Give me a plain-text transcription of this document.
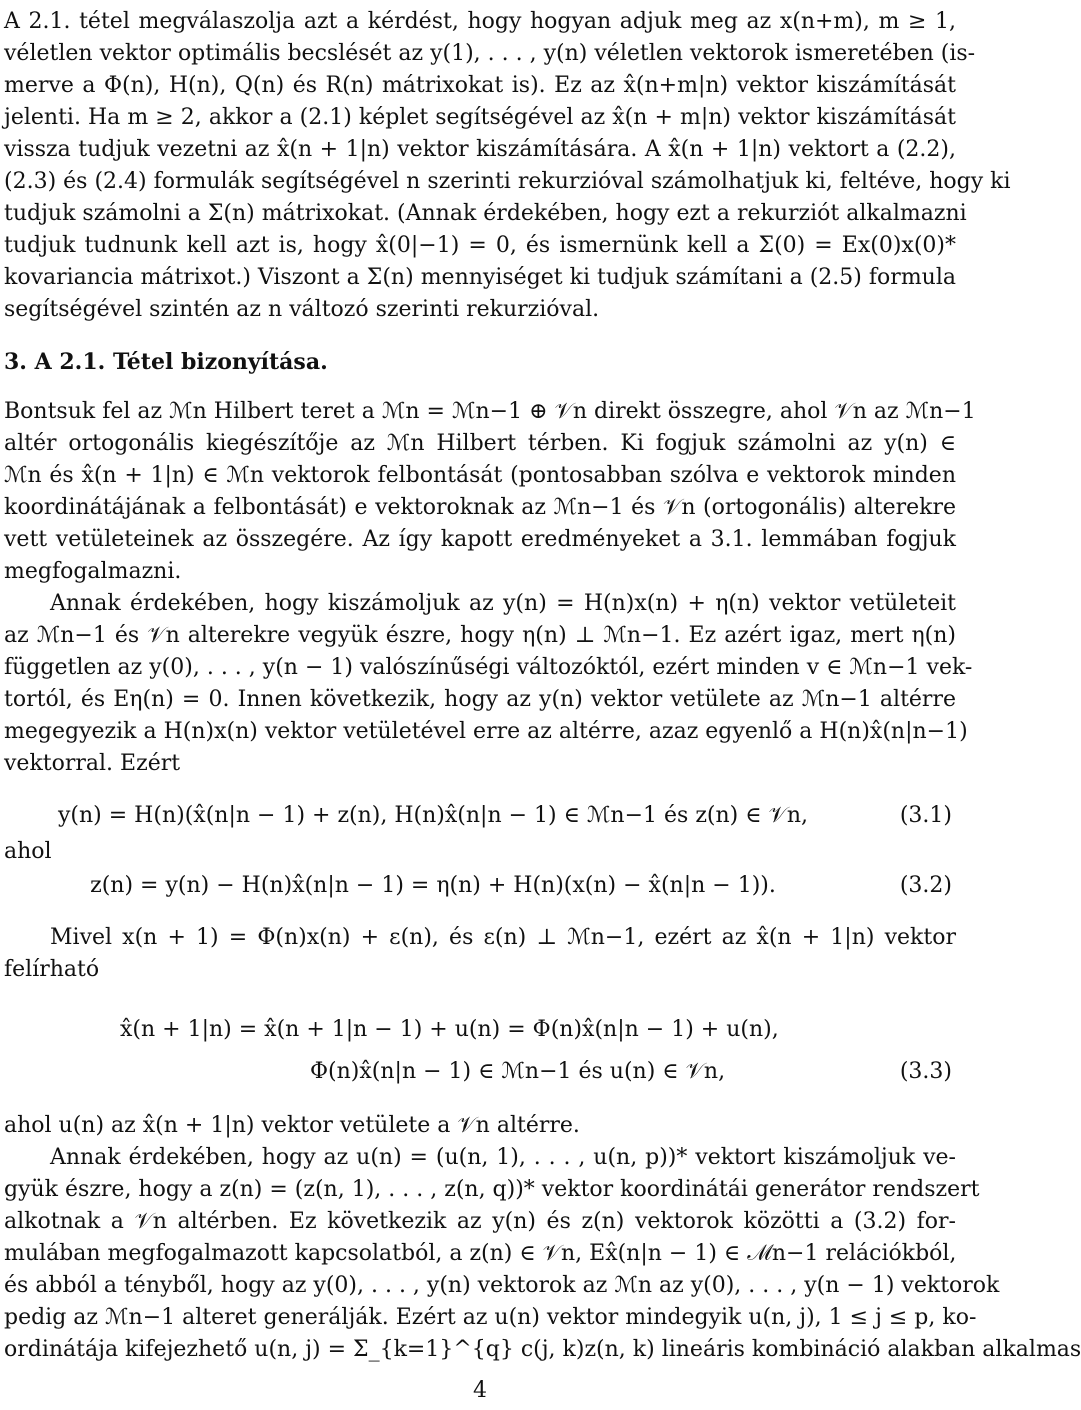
A 2.1. tétel megválaszolja azt a kérdést, hogy hogyan adjuk meg az x(n+m), m ≥ 1,
véletlen vektor optimális becslését az y(1), . . . , y(n) véletlen vektorok ismeretében (is-
merve a Φ(n), H(n), Q(n) és R(n) mátrixokat is). Ez az x̂(n+m|n) vektor kiszámítását
jelenti. Ha m ≥ 2, akkor a (2.1) képlet segítségével az x̂(n + m|n) vektor kiszámítását
vissza tudjuk vezetni az x̂(n + 1|n) vektor kiszámítására. A x̂(n + 1|n) vektort a (2.2),
(2.3) és (2.4) formulák segítségével n szerinti rekurzióval számolhatjuk ki, feltéve, hogy ki
tudjuk számolni a Σ(n) mátrixokat. (Annak érdekében, hogy ezt a rekurziót alkalmazni
tudjuk tudnunk kell azt is, hogy x̂(0|−1) = 0, és ismernünk kell a Σ(0) = Ex(0)x(0)*
kovariancia mátrixot.) Viszont a Σ(n) mennyiséget ki tudjuk számítani a (2.5) formula
segítségével szintén az n változó szerinti rekurzióval.
3. A 2.1. Tétel bizonyítása.
Bontsuk fel az ℳn Hilbert teret a ℳn = ℳn−1 ⊕ 𝒱n direkt összegre, ahol 𝒱n az ℳn−1
altér ortogonális kiegészítője az ℳn Hilbert térben. Ki fogjuk számolni az y(n) ∈
ℳn és x̂(n + 1|n) ∈ ℳn vektorok felbontását (pontosabban szólva e vektorok minden
koordinátájának a felbontását) e vektoroknak az ℳn−1 és 𝒱n (ortogonális) alterekre
vett vetületeinek az összegére. Az így kapott eredményeket a 3.1. lemmában fogjuk
megfogalmazni.
Annak érdekében, hogy kiszámoljuk az y(n) = H(n)x(n) + η(n) vektor vetületeit
az ℳn−1 és 𝒱n alterekre vegyük észre, hogy η(n) ⊥ ℳn−1. Ez azért igaz, mert η(n)
független az y(0), . . . , y(n − 1) valószínűségi változóktól, ezért minden v ∈ ℳn−1 vek-
tortól, és Eη(n) = 0. Innen következik, hogy az y(n) vektor vetülete az ℳn−1 altérre
megegyezik a H(n)x(n) vektor vetületével erre az altérre, azaz egyenlő a H(n)x̂(n|n−1)
vektorral. Ezért
y(n) = H(n)(x̂(n|n − 1) + z(n), H(n)x̂(n|n − 1) ∈ ℳn−1 és z(n) ∈ 𝒱n,	(3.1)
ahol
z(n) = y(n) − H(n)x̂(n|n − 1) = η(n) + H(n)(x(n) − x̂(n|n − 1)).	(3.2)
Mivel x(n + 1) = Φ(n)x(n) + ε(n), és ε(n) ⊥ ℳn−1, ezért az x̂(n + 1|n) vektor
felírható
x̂(n + 1|n) = x̂(n + 1|n − 1) + u(n) = Φ(n)x̂(n|n − 1) + u(n),
Φ(n)x̂(n|n − 1) ∈ ℳn−1 és u(n) ∈ 𝒱n,	(3.3)
ahol u(n) az x̂(n + 1|n) vektor vetülete a 𝒱n altérre.
Annak érdekében, hogy az u(n) = (u(n, 1), . . . , u(n, p))* vektort kiszámoljuk ve-
gyük észre, hogy a z(n) = (z(n, 1), . . . , z(n, q))* vektor koordinátái generátor rendszert
alkotnak a 𝒱n altérben. Ez következik az y(n) és z(n) vektorok közötti a (3.2) for-
mulában megfogalmazott kapcsolatból, a z(n) ∈ 𝒱n, Ex̂(n|n − 1) ∈ ℳn−1 relációkból,
és abból a tényből, hogy az y(0), . . . , y(n) vektorok az ℳn az y(0), . . . , y(n − 1) vektorok
pedig az ℳn−1 alteret generálják. Ezért az u(n) vektor mindegyik u(n, j), 1 ≤ j ≤ p, ko-
ordinátája kifejezhető u(n, j) = Σ_{k=1}^{q} c(j, k)z(n, k) lineáris kombináció alakban alkalmas
4
